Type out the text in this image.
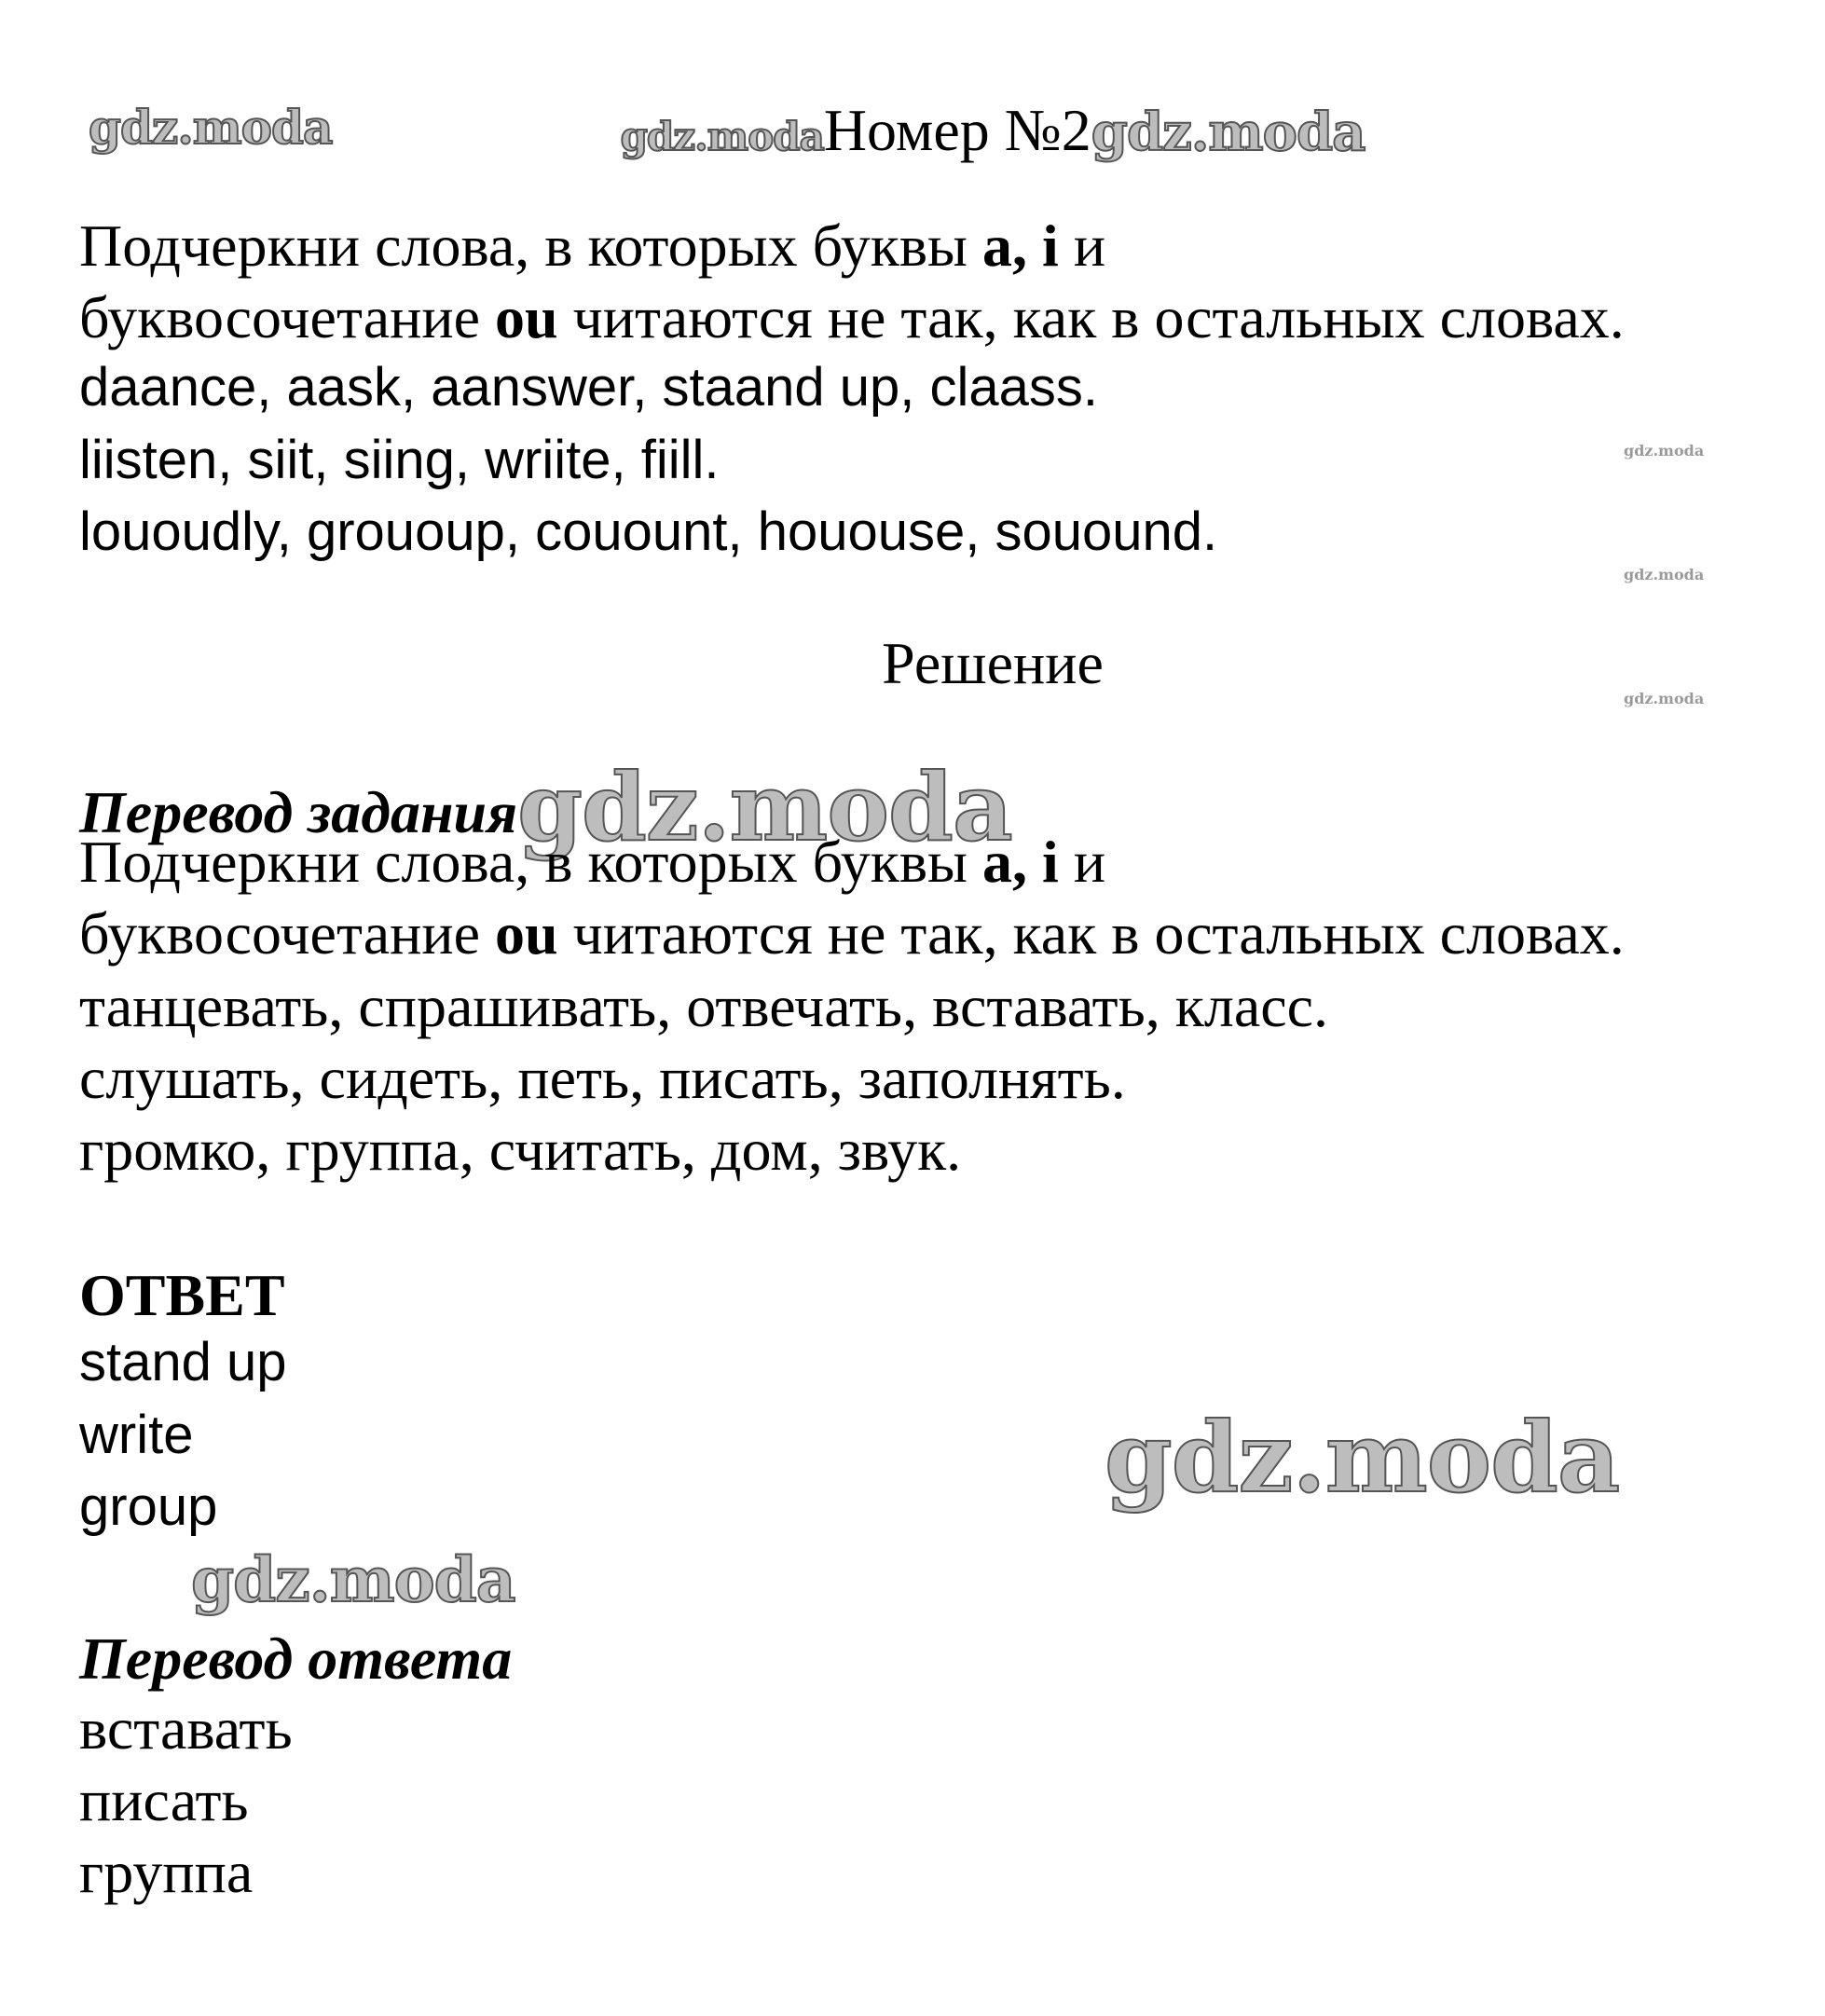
gdz.moda	gdz.modaНомер №2gdz.moda
Подчеркни слова, в которых буквы a, i и
буквосочетание ou читаются не так, как в остальных словах.
daance, aask, aanswer, staand up, claass.
liisten, siit, siing, wriite, fiill.
lououdly, grououp, couount, hououse, souound.
gdz.moda
gdz.moda
gdz.moda
Решение
Перевод заданияgdz.moda
Подчеркни слова, в которых буквы a, i и
буквосочетание ou читаются не так, как в остальных словах.
танцевать, спрашивать, отвечать, вставать, класс.
слушать, сидеть, петь, писать, заполнять.
громко, группа, считать, дом, звук.
ОТВЕТ
stand up
write
group	gdz.moda
gdz.moda
Перевод ответа
вставать
писать
группа
